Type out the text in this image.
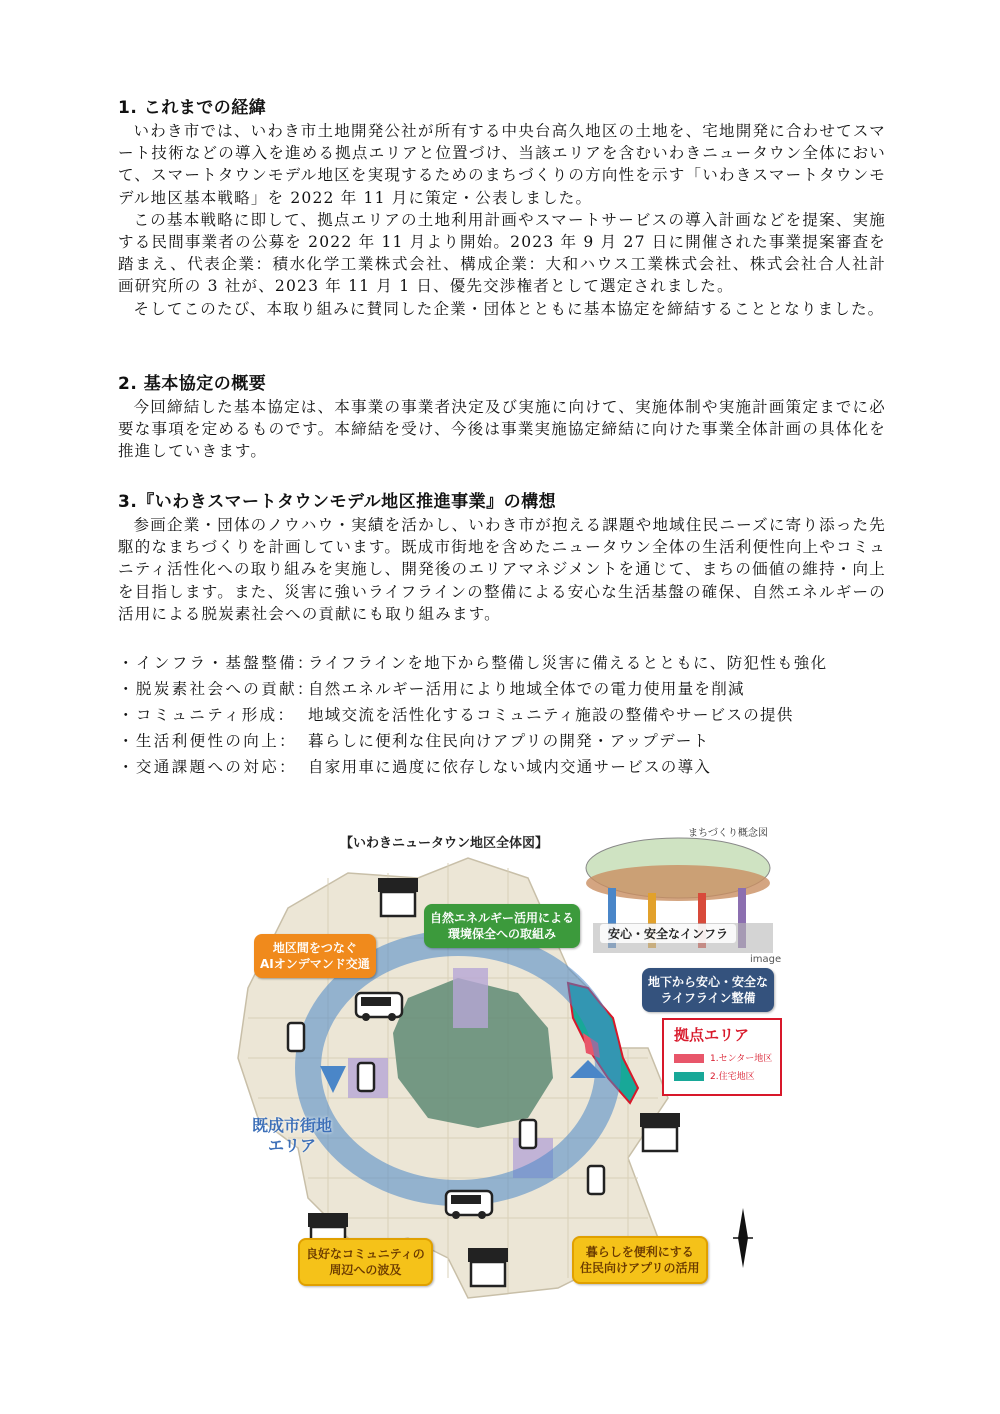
1. これまでの経緯

いわき市では、いわき市土地開発公社が所有する中央台高久地区の土地を、宅地開発に合わせてスマート技術などの導入を進める拠点エリアと位置づけ、当該エリアを含むいわきニュータウン全体において、スマートタウンモデル地区を実現するためのまちづくりの方向性を示す「いわきスマートタウンモデル地区基本戦略」を 2022 年 11 月に策定・公表しました。

この基本戦略に即して、拠点エリアの土地利用計画やスマートサービスの導入計画などを提案、実施する民間事業者の公募を 2022 年 11 月より開始。2023 年 9 月 27 日に開催された事業提案審査を踏まえ、代表企業：積水化学工業株式会社、構成企業：大和ハウス工業株式会社、株式会社合人社計画研究所の 3 社が、2023 年 11 月 1 日、優先交渉権者として選定されました。

そしてこのたび、本取り組みに賛同した企業・団体とともに基本協定を締結することとなりました。

2. 基本協定の概要

今回締結した基本協定は、本事業の事業者決定及び実施に向けて、実施体制や実施計画策定までに必要な事項を定めるものです。本締結を受け、今後は事業実施協定締結に向けた事業全体計画の具体化を推進していきます。

3.『いわきスマートタウンモデル地区推進事業』の構想

参画企業・団体のノウハウ・実績を活かし、いわき市が抱える課題や地域住民ニーズに寄り添った先駆的なまちづくりを計画しています。既成市街地を含めたニュータウン全体の生活利便性向上やコミュニティ活性化への取り組みを実施し、開発後のエリアマネジメントを通じて、まちの価値の維持・向上を目指します。また、災害に強いライフラインの整備による安心な生活基盤の確保、自然エネルギーの活用による脱炭素社会への貢献にも取り組みます。

・インフラ・基盤整備：ライフラインを地下から整備し災害に備えるとともに、防犯性も強化

・脱炭素社会への貢献：自然エネルギー活用により地域全体での電力使用量を削減

・コミュニティ形成： 地域交流を活性化するコミュニティ施設の整備やサービスの提供

・生活利便性の向上： 暮らしに便利な住民向けアプリの開発・アップデート

・交通課題への対応： 自家用車に過度に依存しない域内交通サービスの導入

【いわきニュータウン地区全体図】
まちづくり概念図
安心・安全なインフラ
image
自然エネルギー活用による
環境保全への取組み
地区間をつなぐ
AIオンデマンド交通
地下から安心・安全な
ライフライン整備
良好なコミュニティの
周辺への波及
暮らしを便利にする
住民向けアプリの活用
既成市街地
エリア
拠点エリア
1.センター地区
2.住宅地区
